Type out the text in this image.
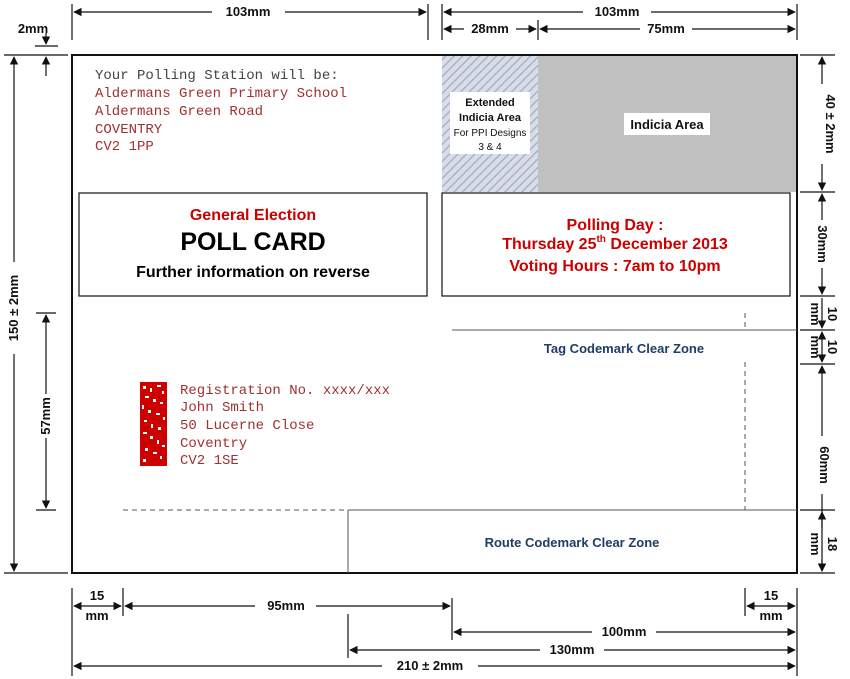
Extended
Indicia Area
For PPI Designs
3 & 4
Indicia Area
Your Polling Station will be:
Aldermans Green Primary School
Aldermans Green Road
COVENTRY
CV2 1PP
General Election
POLL CARD
Further information on reverse
Polling Day :
Thursday 25th December 2013
Voting Hours : 7am to 10pm
Tag Codemark Clear Zone
Registration No. xxxx/xxx
John Smith
50 Lucerne Close
Coventry
CV2 1SE
Route Codemark Clear Zone
103mm	103mm
28mm	75mm
2mm
150 ± 2mm
57mm
40 ± 2mm
30mm
10
mm
10
mm
60mm
18
mm
15
mm
95mm
15
mm
100mm
130mm
210 ± 2mm
